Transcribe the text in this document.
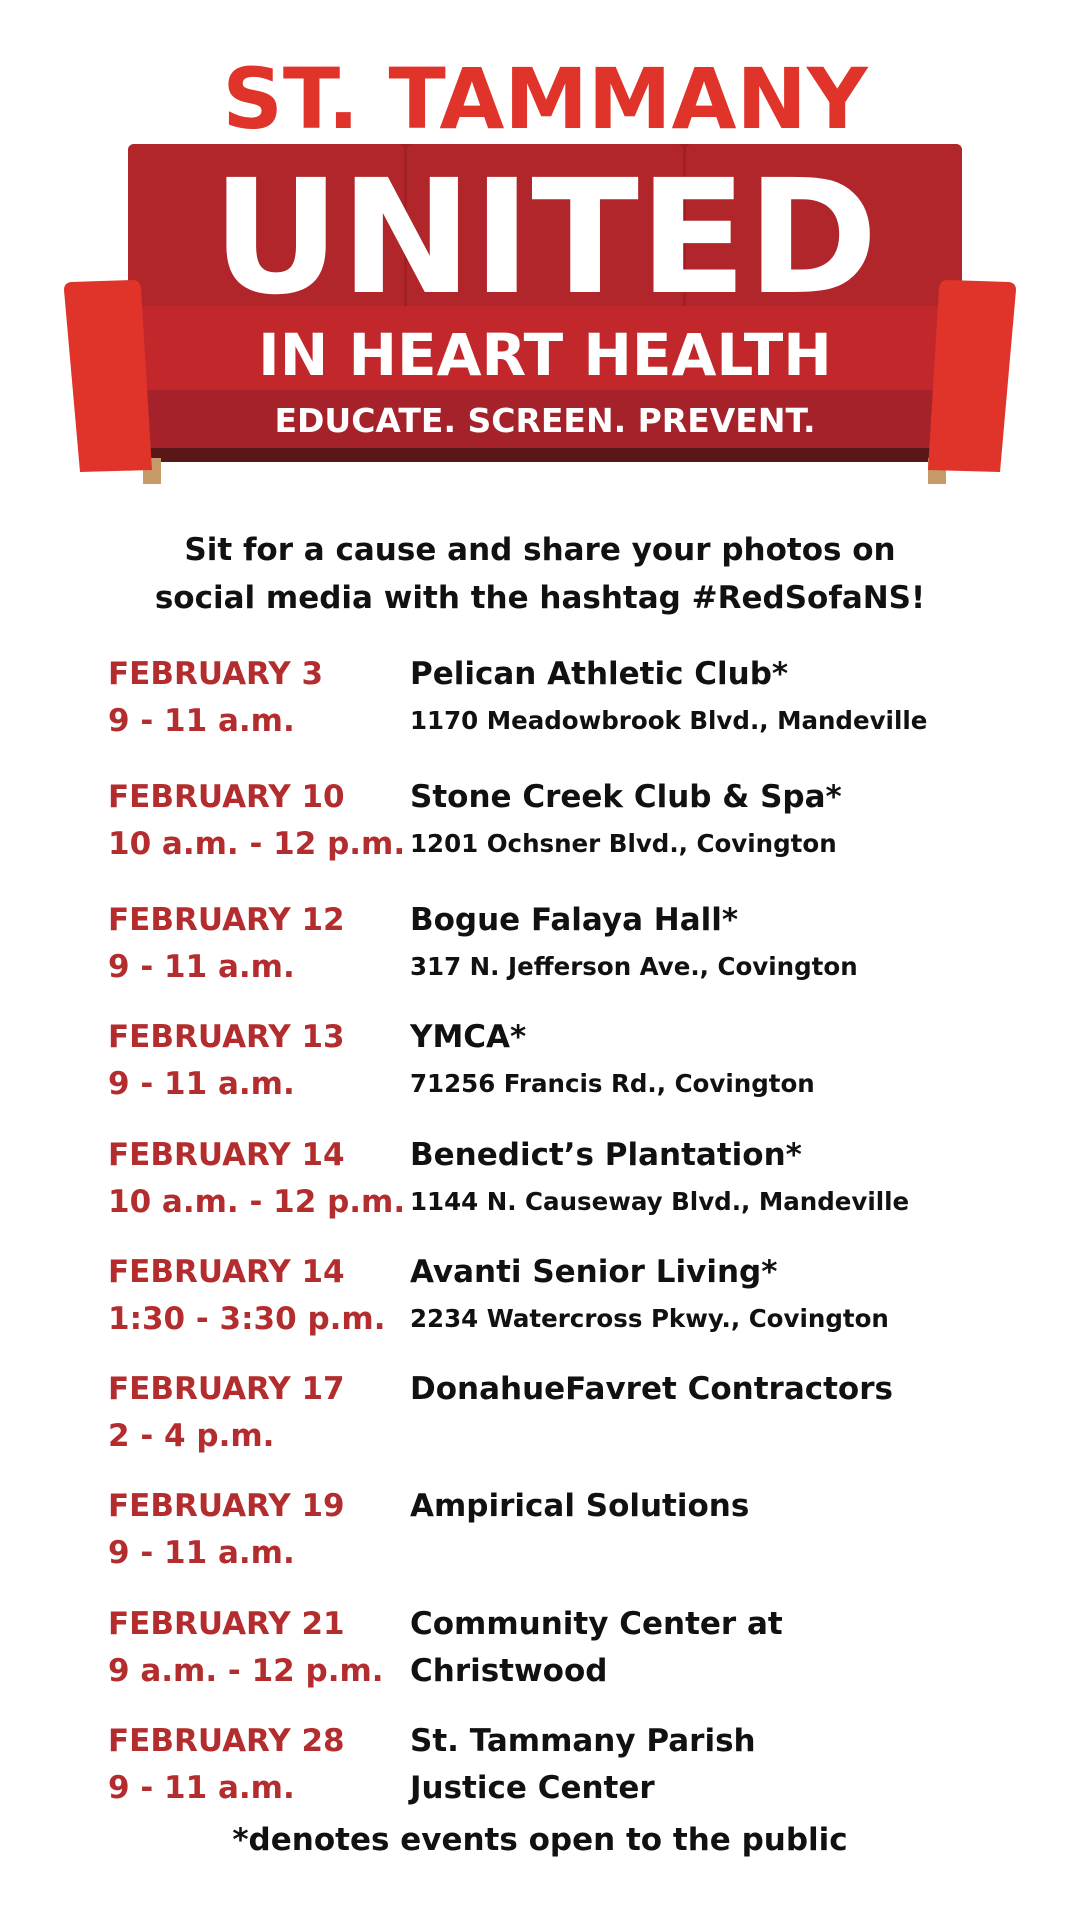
ST. TAMMANY
UNITED
IN HEART HEALTH
EDUCATE. SCREEN. PREVENT.
Sit for a cause and share your photos on
social media with the hashtag #RedSofaNS!
FEBRUARY 3
9 - 11 a.m.
Pelican Athletic Club*
1170 Meadowbrook Blvd., Mandeville
FEBRUARY 10
10 a.m. - 12 p.m.
Stone Creek Club & Spa*
1201 Ochsner Blvd., Covington
FEBRUARY 12
9 - 11 a.m.
Bogue Falaya Hall*
317 N. Jefferson Ave., Covington
FEBRUARY 13
9 - 11 a.m.
YMCA*
71256 Francis Rd., Covington
FEBRUARY 14
10 a.m. - 12 p.m.
Benedict’s Plantation*
1144 N. Causeway Blvd., Mandeville
FEBRUARY 14
1:30 - 3:30 p.m.
Avanti Senior Living*
2234 Watercross Pkwy., Covington
FEBRUARY 17
2 - 4 p.m.
DonahueFavret Contractors
FEBRUARY 19
9 - 11 a.m.
Ampirical Solutions
FEBRUARY 21
9 a.m. - 12 p.m.
Community Center at
Christwood
FEBRUARY 28
9 - 11 a.m.
St. Tammany Parish
Justice Center
*denotes events open to the public
